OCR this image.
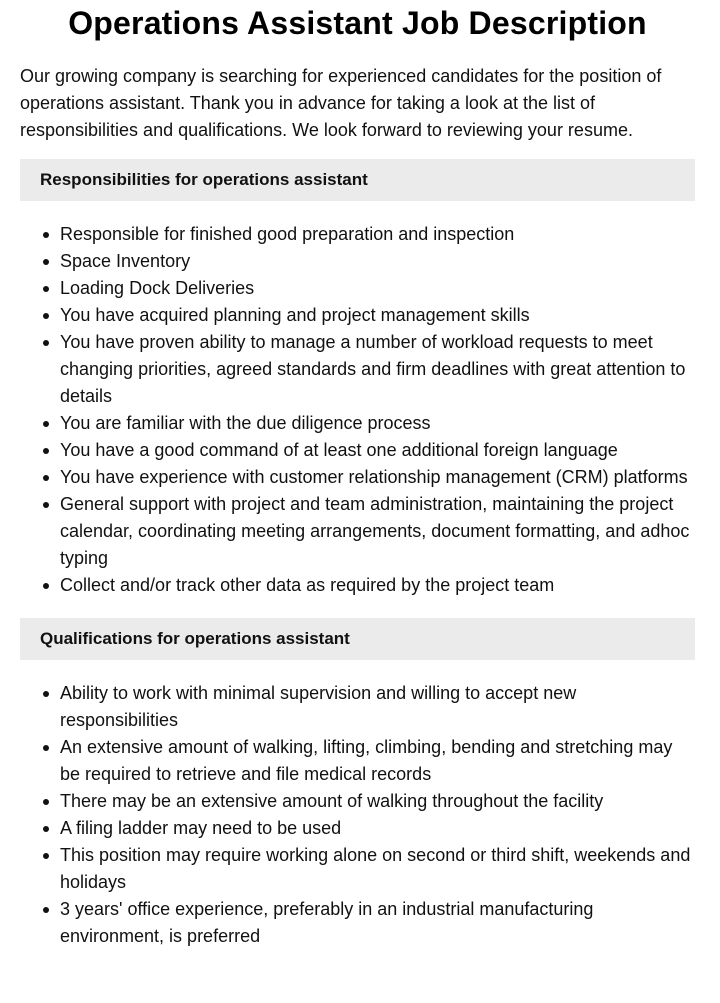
Operations Assistant Job Description

Our growing company is searching for experienced candidates for the position of operations assistant. Thank you in advance for taking a look at the list of responsibilities and qualifications. We look forward to reviewing your resume.

Responsibilities for operations assistant
Responsible for finished good preparation and inspection
Space Inventory
Loading Dock Deliveries
You have acquired planning and project management skills
You have proven ability to manage a number of workload requests to meet changing priorities, agreed standards and firm deadlines with great attention to details
You are familiar with the due diligence process
You have a good command of at least one additional foreign language
You have experience with customer relationship management (CRM) platforms
General support with project and team administration, maintaining the project calendar, coordinating meeting arrangements, document formatting, and adhoc typing
Collect and/or track other data as required by the project team
Qualifications for operations assistant
Ability to work with minimal supervision and willing to accept new responsibilities
An extensive amount of walking, lifting, climbing, bending and stretching may be required to retrieve and file medical records
There may be an extensive amount of walking throughout the facility
A filing ladder may need to be used
This position may require working alone on second or third shift, weekends and holidays
3 years' office experience, preferably in an industrial manufacturing environment, is preferred
